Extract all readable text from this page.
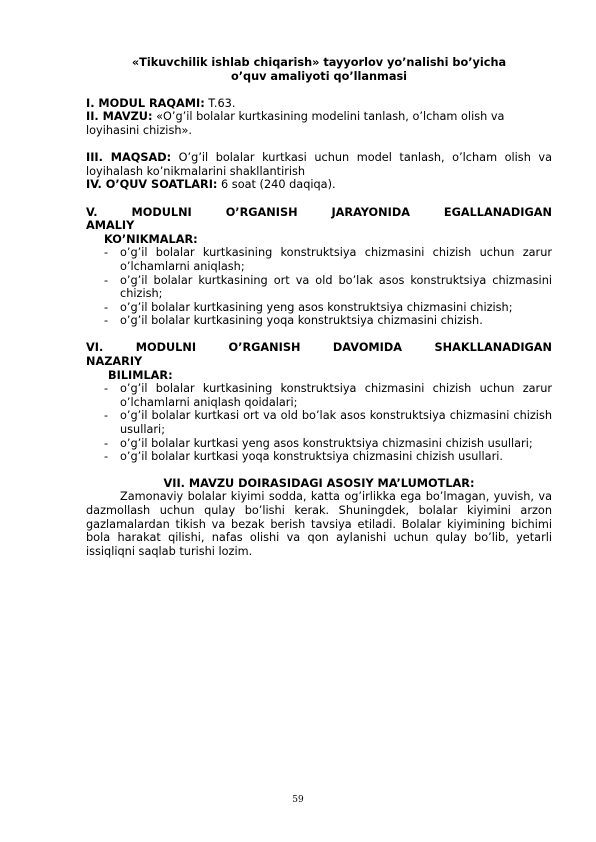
«Tikuvchilik ishlab chiqarish» tayyorlov yo’nalishi bo’yicha
o’quv amaliyoti qo’llanmasi

I. MODUL RAQAMI: T.63.

II. MAVZU: «O’g’il bolalar kurtkasining modelini tanlash, o’lcham olish va loyihasini chizish».

III. MAQSAD: O’g’il bolalar kurtkasi uchun model tanlash, o’lcham olish va loyihalash ko’nikmalarini shakllantirish

IV. O’QUV SOATLARI: 6 soat (240 daqiqa).

V.	MODULNI	O’RGANISH	JARAYONIDA	EGALLANADIGAN

AMALIY

KO’NIKMALAR:

- o’g’il bolalar kurtkasining konstruktsiya chizmasini chizish uchun zarur o’lchamlarni aniqlash;
- o’g’il bolalar kurtkasining ort va old bo’lak asos konstruktsiya chizmasini chizish;
- o’g’il bolalar kurtkasining yeng asos konstruktsiya chizmasini chizish;
- o’g’il bolalar kurtkasining yoqa konstruktsiya chizmasini chizish.
VI.	MODULNI	O’RGANISH	DAVOMIDA	SHAKLLANADIGAN

NAZARIY

BILIMLAR:

- o’g’il bolalar kurtkasining konstruktsiya chizmasini chizish uchun zarur o’lchamlarni aniqlash qoidalari;
- o’g’il bolalar kurtkasi ort va old bo’lak asos konstruktsiya chizmasini chizish usullari;
- o’g’il bolalar kurtkasi yeng asos konstruktsiya chizmasini chizish usullari;
- o’g’il bolalar kurtkasi yoqa konstruktsiya chizmasini chizish usullari.
VII. MAVZU DOIRASIDAGI ASOSIY MA’LUMOTLAR:

Zamonaviy bolalar kiyimi sodda, katta og’irlikka ega bo’lmagan, yuvish, va dazmollash uchun qulay bo’lishi kerak. Shuningdek, bolalar kiyimini arzon gazlamalardan tikish va bezak berish tavsiya etiladi. Bolalar kiyimining bichimi bola harakat qilishi, nafas olishi va qon aylanishi uchun qulay bo’lib, yetarli issiqliqni saqlab turishi lozim.

59
